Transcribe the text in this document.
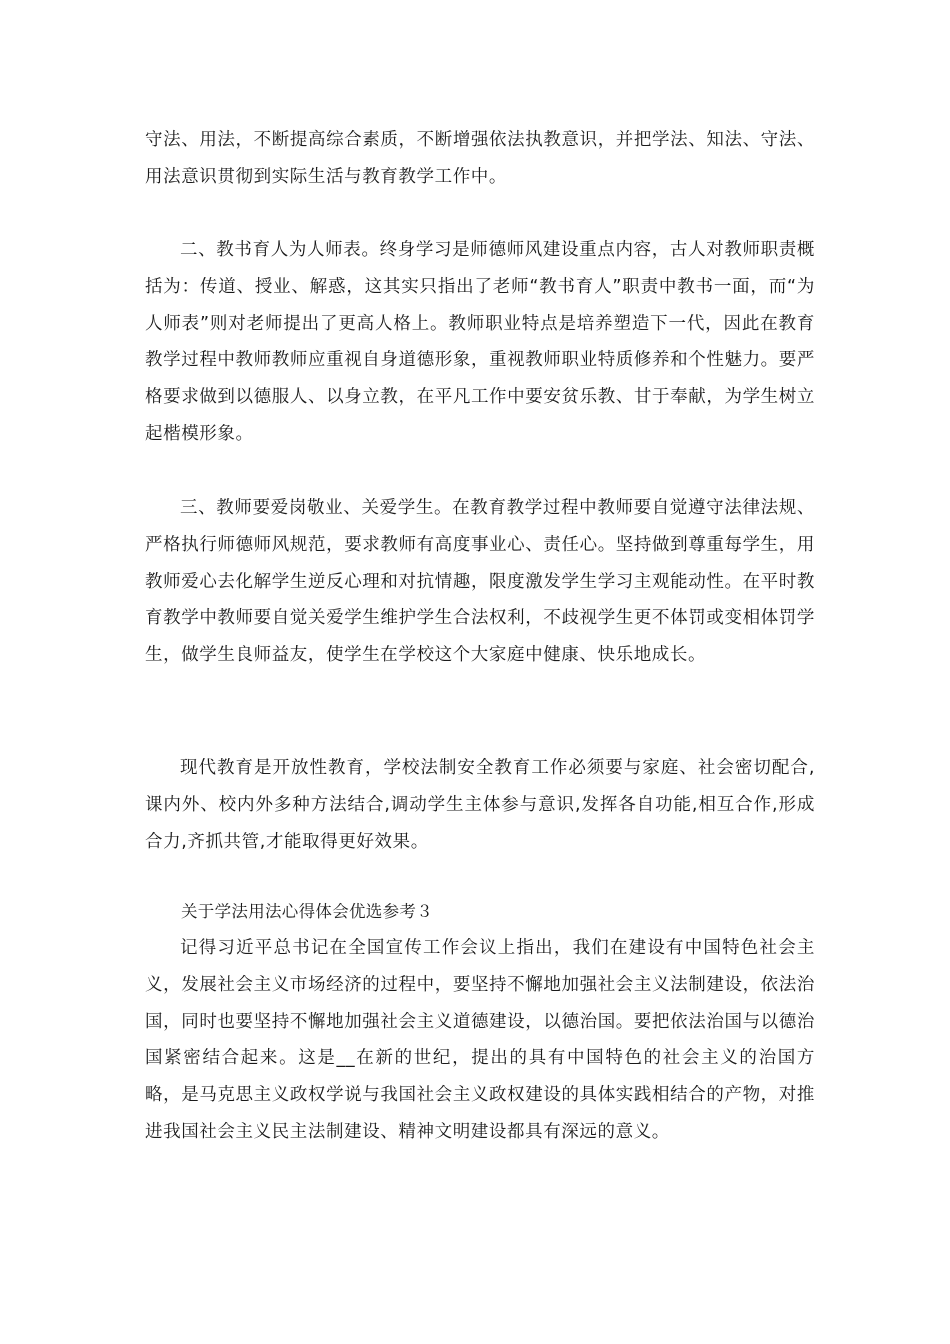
守法、用法，不断提高综合素质，不断增强依法执教意识，并把学法、知法、守法、用法意识贯彻到实际生活与教育教学工作中。

二、教书育人为人师表。终身学习是师德师风建设重点内容，古人对教师职责概括为：传道、授业、解惑，这其实只指出了老师“教书育人”职责中教书一面，而“为人师表”则对老师提出了更高人格上。教师职业特点是培养塑造下一代，因此在教育教学过程中教师教师应重视自身道德形象，重视教师职业特质修养和个性魅力。要严格要求做到以德服人、以身立教，在平凡工作中要安贫乐教、甘于奉献，为学生树立起楷模形象。

三、教师要爱岗敬业、关爱学生。在教育教学过程中教师要自觉遵守法律法规、严格执行师德师风规范，要求教师有高度事业心、责任心。坚持做到尊重每学生，用教师爱心去化解学生逆反心理和对抗情趣，限度激发学生学习主观能动性。在平时教育教学中教师要自觉关爱学生维护学生合法权利，不歧视学生更不体罚或变相体罚学生，做学生良师益友，使学生在学校这个大家庭中健康、快乐地成长。

现代教育是开放性教育，学校法制安全教育工作必须要与家庭、社会密切配合,课内外、校内外多种方法结合,调动学生主体参与意识,发挥各自功能,相互合作,形成合力,齐抓共管,才能取得更好效果。

关于学法用法心得体会优选参考３

记得习近平总书记在全国宣传工作会议上指出，我们在建设有中国特色社会主义，发展社会主义市场经济的过程中，要坚持不懈地加强社会主义法制建设，依法治国，同时也要坚持不懈地加强社会主义道德建设，以德治国。要把依法治国与以德治国紧密结合起来。这是__在新的世纪，提出的具有中国特色的社会主义的治国方略，是马克思主义政权学说与我国社会主义政权建设的具体实践相结合的产物，对推进我国社会主义民主法制建设、精神文明建设都具有深远的意义。
